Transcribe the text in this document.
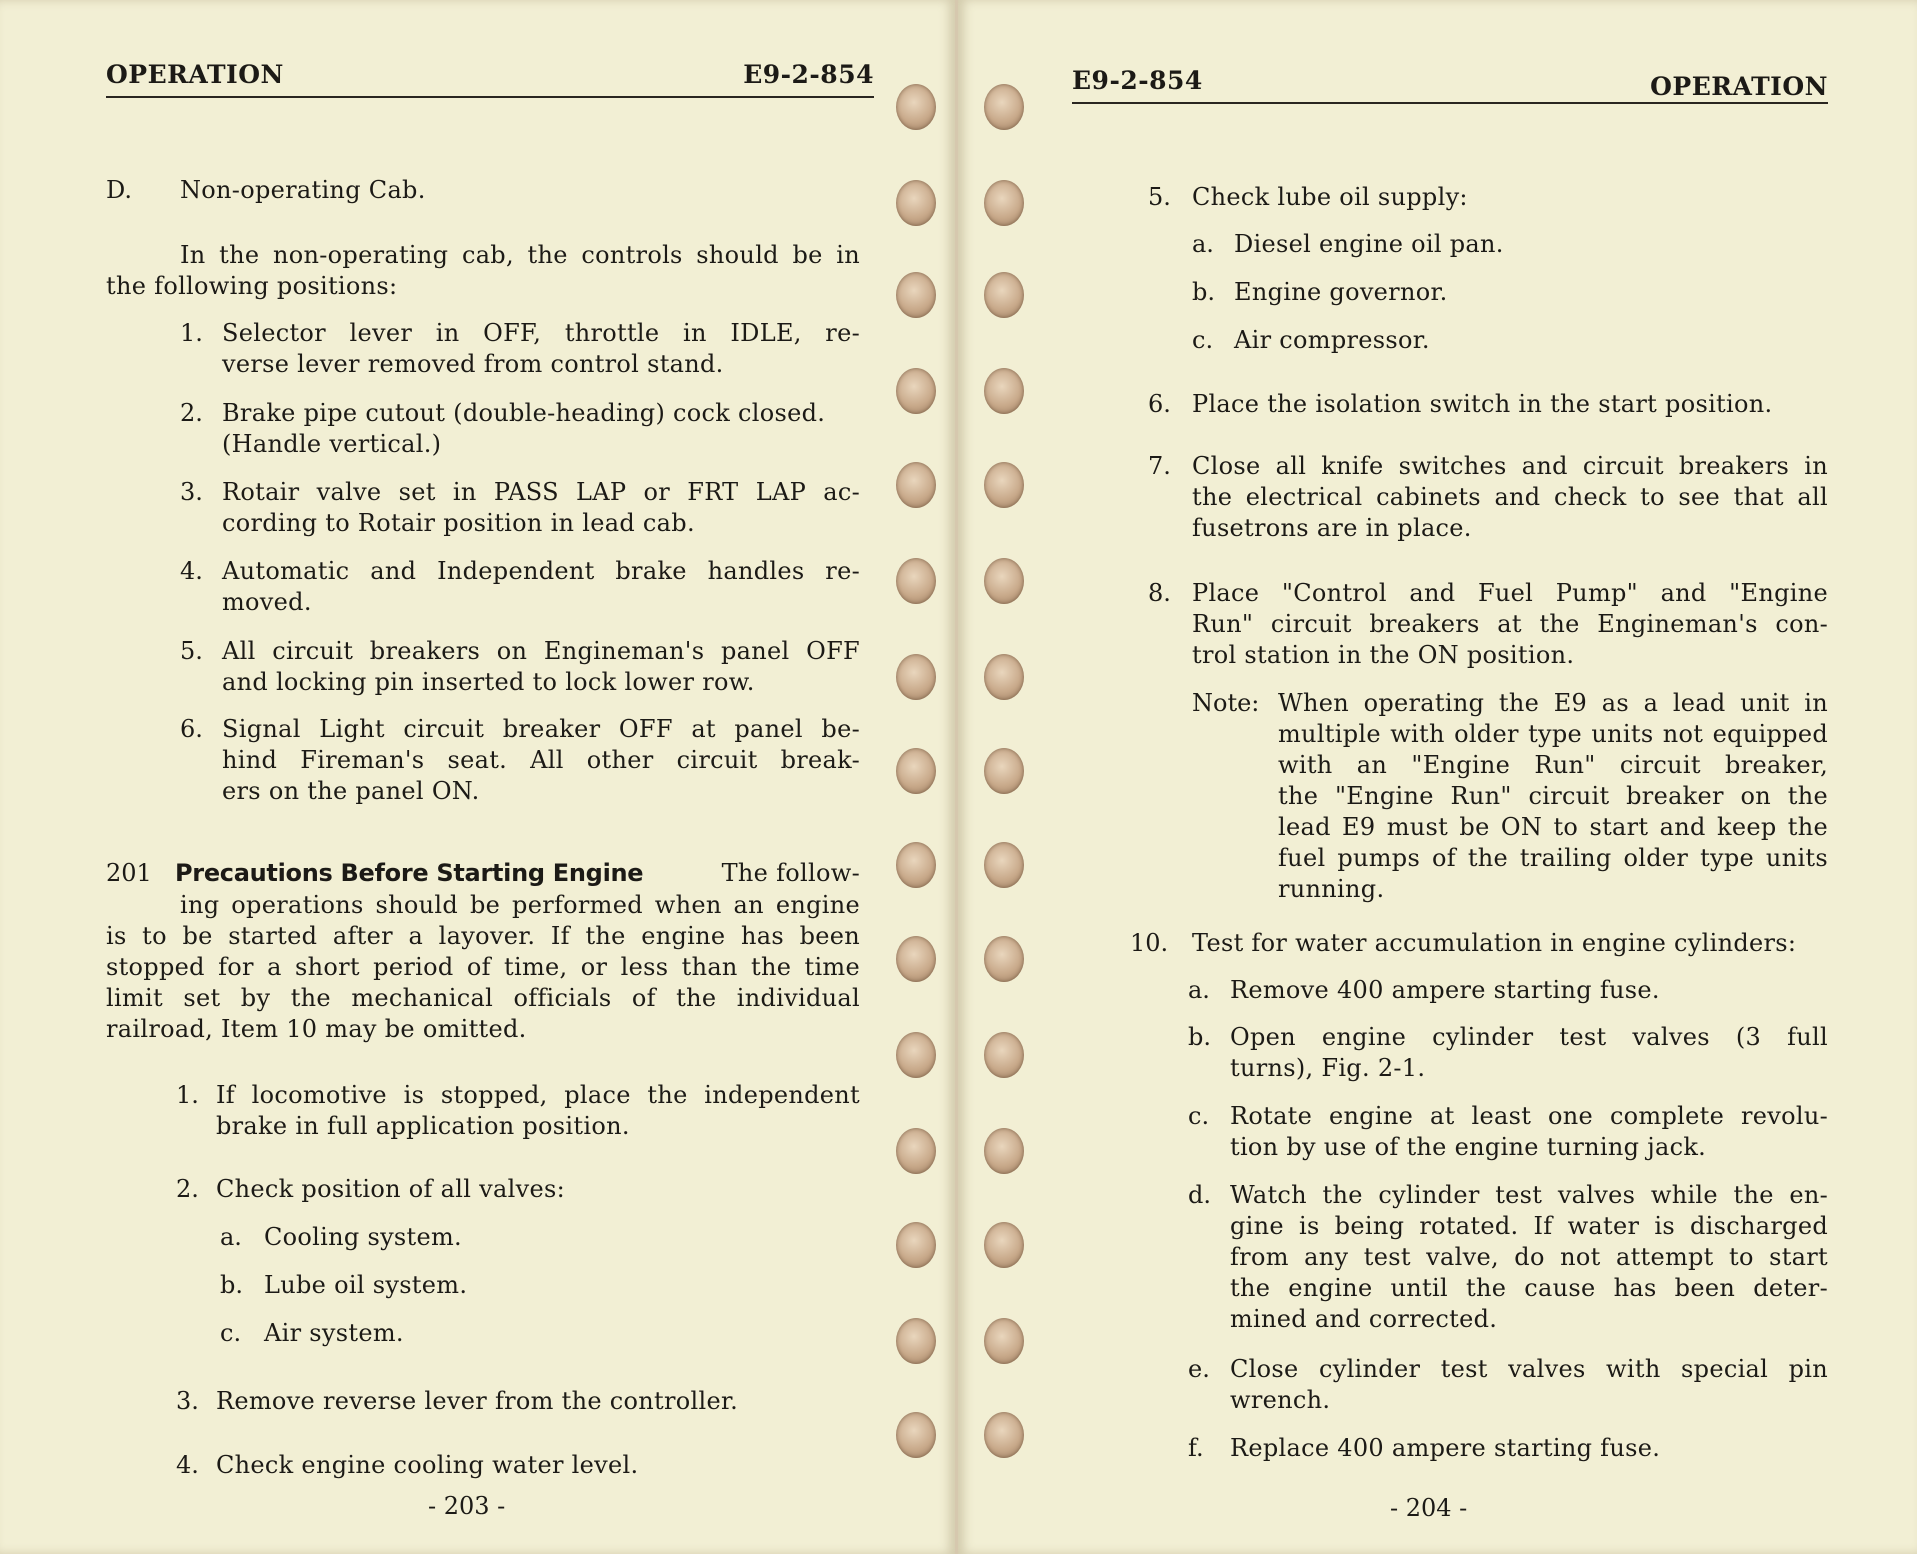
OPERATION	E9-2-854
D. Non-operating Cab.
In the non-operating cab, the controls should be in
the following positions:
1. Selector lever in OFF, throttle in IDLE, re-
verse lever removed from control stand.
2. Brake pipe cutout (double-heading) cock closed.
(Handle vertical.)
3. Rotair valve set in PASS LAP or FRT LAP ac-
cording to Rotair position in lead cab.
4. Automatic and Independent brake handles re-
moved.
5. All circuit breakers on Engineman's panel OFF
and locking pin inserted to lock lower row.
6. Signal Light circuit breaker OFF at panel be-
hind Fireman's seat. All other circuit break-
ers on the panel ON.
201 Precautions Before Starting Engine	The follow-
ing operations should be performed when an engine
is to be started after a layover. If the engine has been
stopped for a short period of time, or less than the time
limit set by the mechanical officials of the individual
railroad, Item 10 may be omitted.
1. If locomotive is stopped, place the independent
brake in full application position.
2. Check position of all valves:
a. Cooling system.
b. Lube oil system.
c. Air system.
3. Remove reverse lever from the controller.
4. Check engine cooling water level.
- 203 -
E9-2-854	OPERATION
5. Check lube oil supply:
a. Diesel engine oil pan.
b. Engine governor.
c. Air compressor.
6. Place the isolation switch in the start position.
7. Close all knife switches and circuit breakers in
the electrical cabinets and check to see that all
fusetrons are in place.
8. Place "Control and Fuel Pump" and "Engine
Run" circuit breakers at the Engineman's con-
trol station in the ON position.
Note: When operating the E9 as a lead unit in
multiple with older type units not equipped
with an "Engine Run" circuit breaker,
the "Engine Run" circuit breaker on the
lead E9 must be ON to start and keep the
fuel pumps of the trailing older type units
running.
10. Test for water accumulation in engine cylinders:
a. Remove 400 ampere starting fuse.
b. Open engine cylinder test valves (3 full
turns), Fig. 2-1.
c. Rotate engine at least one complete revolu-
tion by use of the engine turning jack.
d. Watch the cylinder test valves while the en-
gine is being rotated. If water is discharged
from any test valve, do not attempt to start
the engine until the cause has been deter-
mined and corrected.
e. Close cylinder test valves with special pin
wrench.
f. Replace 400 ampere starting fuse.
- 204 -
